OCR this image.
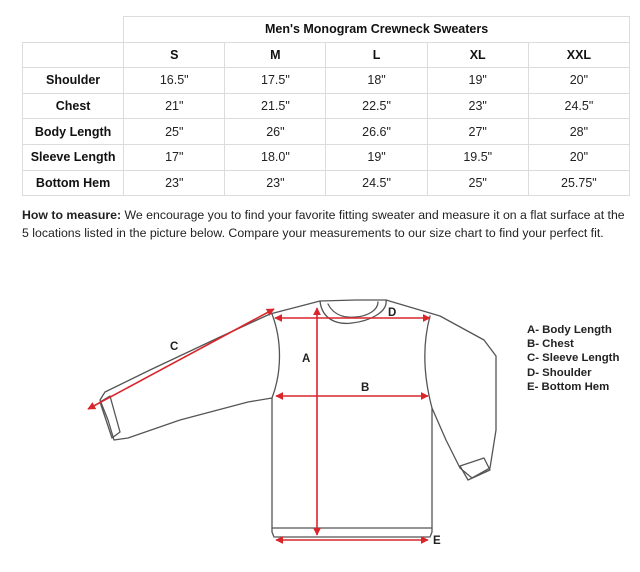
	Men's Monogram Crewneck Sweaters				
	S	M	L	XL	XXL
Shoulder	16.5"	17.5"	18"	19"	20"
Chest	21"	21.5"	22.5"	23"	24.5"
Body Length	25"	26"	26.6"	27"	28"
Sleeve Length	17"	18.0"	19"	19.5"	20"
Bottom Hem	23"	23"	24.5"	25"	25.75"
How to measure: We encourage you to find your favorite fitting sweater and measure it on a flat surface at the 5 locations listed in the picture below. Compare your measurements to our size chart to find your perfect fit.
A
B
C
D
E
A- Body Length
B- Chest
C- Sleeve Length
D- Shoulder
E- Bottom Hem
